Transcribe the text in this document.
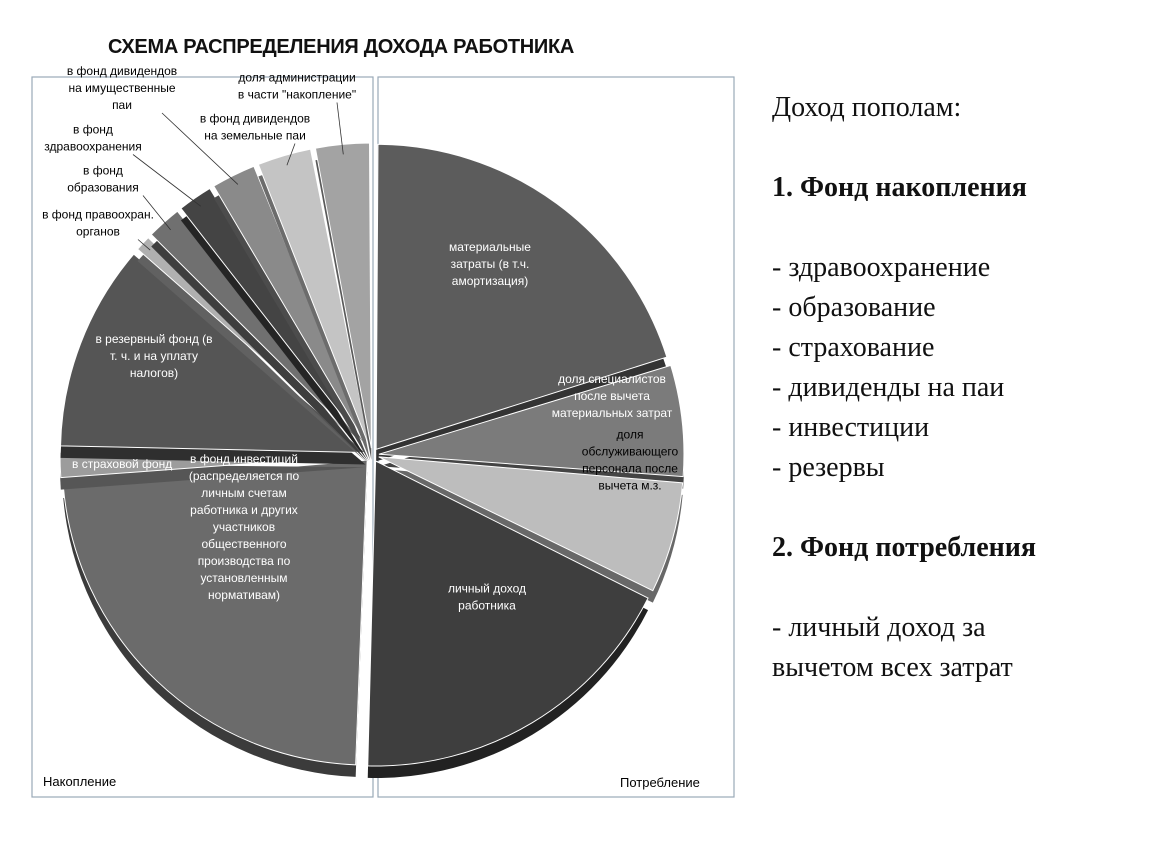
СХЕМА РАСПРЕДЕЛЕНИЯ ДОХОДА РАБОТНИКА
Накопление	Потребление
материальные затраты (в т.ч. амортизация)
доля специалистов после вычета материальных затрат
доля обслуживающего персонала после вычета м.з.
личный доход работника
в фонд инвестиций (распределяется по личным счетам работника и других участников общественного производства по установленным нормативам)
в страховой фонд
в резервный фонд (в т. ч. и на уплату налогов)
в фонд правоохран. органов
в фонд образования
в фонд здравоохранения
в фонд дивидендов на имущественные паи
в фонд дивидендов на земельные паи
доля администрации в части "накопление"	Доход пополам:
1. Фонд накопления
- здравоохранение
- образование
- страхование
- дивиденды на паи
- инвестиции
- резервы
2. Фонд потребления
- личный доход за
вычетом всех затрат
